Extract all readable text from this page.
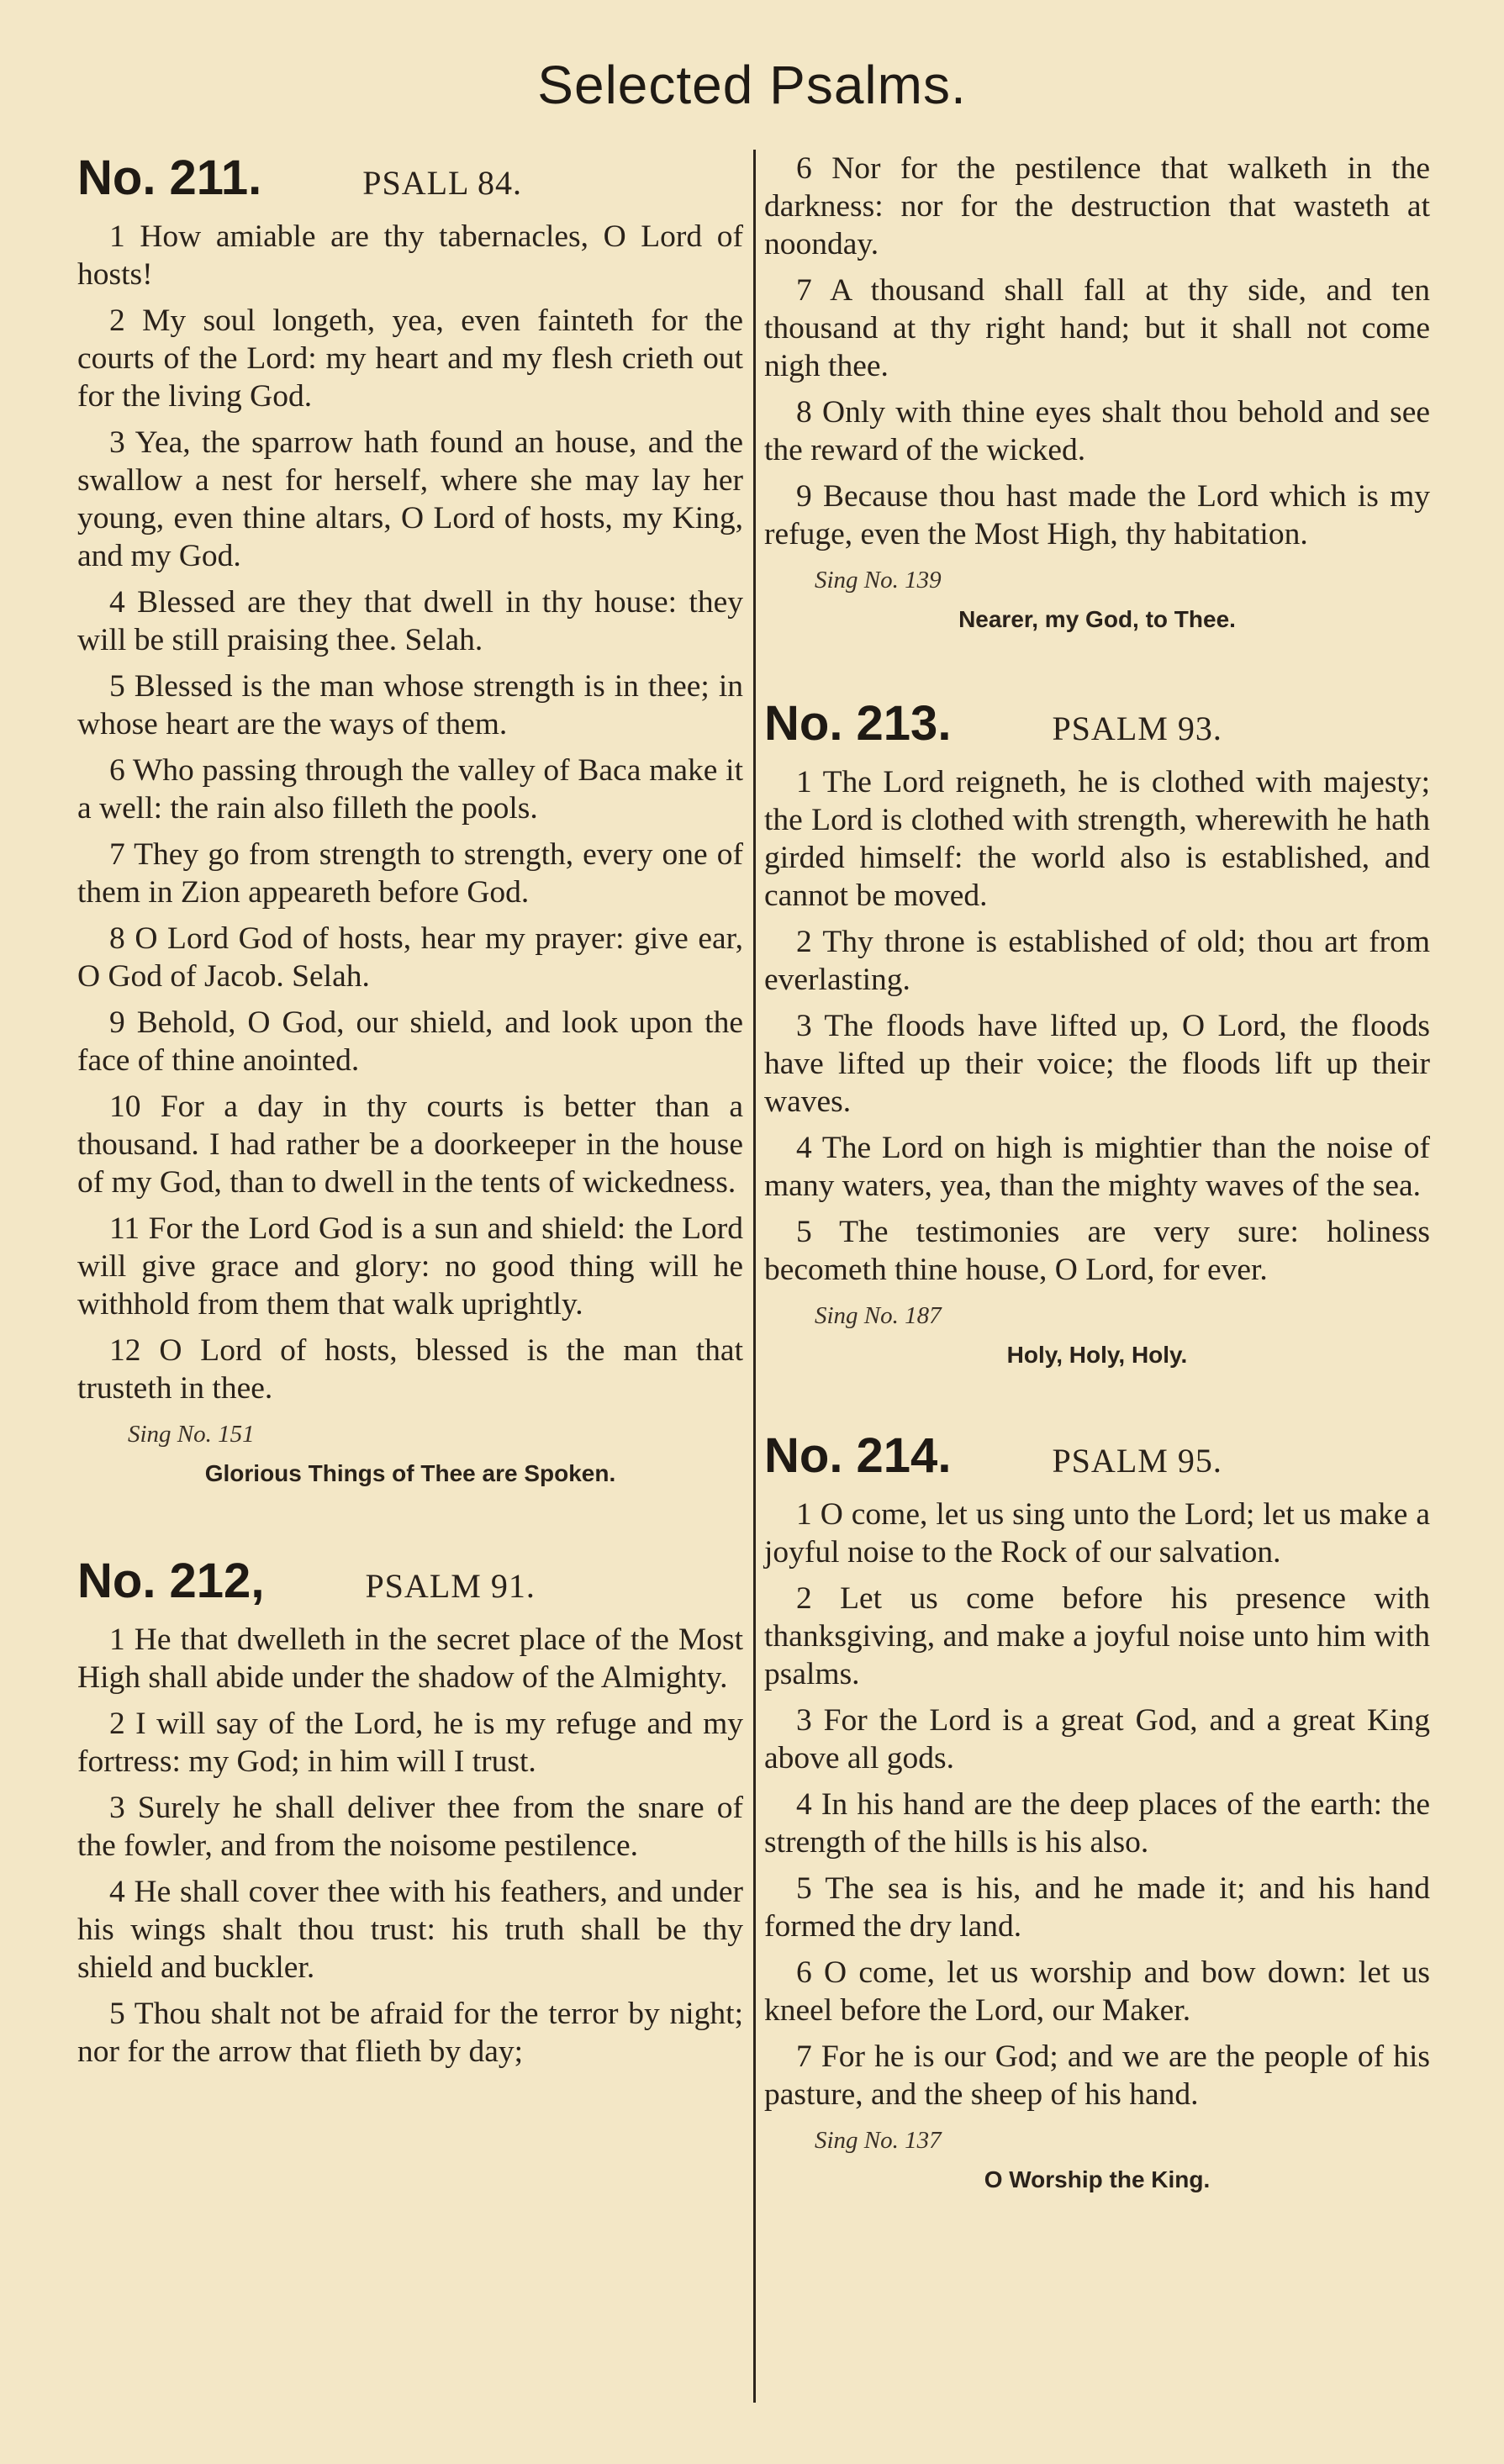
Selected Psalms.
No. 211.	PSALL 84.

1 How amiable are thy tabernacles, O Lord of hosts!

2 My soul longeth, yea, even fainteth for the courts of the Lord: my heart and my flesh crieth out for the living God.

3 Yea, the sparrow hath found an house, and the swallow a nest for herself, where she may lay her young, even thine altars, O Lord of hosts, my King, and my God.

4 Blessed are they that dwell in thy house: they will be still praising thee. Selah.

5 Blessed is the man whose strength is in thee; in whose heart are the ways of them.

6 Who passing through the valley of Baca make it a well: the rain also filleth the pools.

7 They go from strength to strength, every one of them in Zion appeareth before God.

8 O Lord God of hosts, hear my prayer: give ear, O God of Jacob. Selah.

9 Behold, O God, our shield, and look upon the face of thine anointed.

10 For a day in thy courts is better than a thousand. I had rather be a doorkeeper in the house of my God, than to dwell in the tents of wickedness.

11 For the Lord God is a sun and shield: the Lord will give grace and glory: no good thing will he withhold from them that walk uprightly.

12 O Lord of hosts, blessed is the man that trusteth in thee.

Sing No. 151
Glorious Things of Thee are Spoken.
No. 212,	PSALM 91.

1 He that dwelleth in the secret place of the Most High shall abide under the shadow of the Almighty.

2 I will say of the Lord, he is my refuge and my fortress: my God; in him will I trust.

3 Surely he shall deliver thee from the snare of the fowler, and from the noisome pestilence.

4 He shall cover thee with his feathers, and under his wings shalt thou trust: his truth shall be thy shield and buckler.

5 Thou shalt not be afraid for the terror by night; nor for the arrow that flieth by day;

6 Nor for the pestilence that walketh in the darkness: nor for the destruction that wasteth at noonday.

7 A thousand shall fall at thy side, and ten thousand at thy right hand; but it shall not come nigh thee.

8 Only with thine eyes shalt thou behold and see the reward of the wicked.

9 Because thou hast made the Lord which is my refuge, even the Most High, thy habitation.

Sing No. 139
Nearer, my God, to Thee.
No. 213.	PSALM 93.

1 The Lord reigneth, he is clothed with majesty; the Lord is clothed with strength, wherewith he hath girded himself: the world also is established, and cannot be moved.

2 Thy throne is established of old; thou art from everlasting.

3 The floods have lifted up, O Lord, the floods have lifted up their voice; the floods lift up their waves.

4 The Lord on high is mightier than the noise of many waters, yea, than the mighty waves of the sea.

5 The testimonies are very sure: holiness becometh thine house, O Lord, for ever.

Sing No. 187
Holy, Holy, Holy.
No. 214.	PSALM 95.

1 O come, let us sing unto the Lord; let us make a joyful noise to the Rock of our salvation.

2 Let us come before his presence with thanksgiving, and make a joyful noise unto him with psalms.

3 For the Lord is a great God, and a great King above all gods.

4 In his hand are the deep places of the earth: the strength of the hills is his also.

5 The sea is his, and he made it; and his hand formed the dry land.

6 O come, let us worship and bow down: let us kneel before the Lord, our Maker.

7 For he is our God; and we are the people of his pasture, and the sheep of his hand.

Sing No. 137
O Worship the King.
